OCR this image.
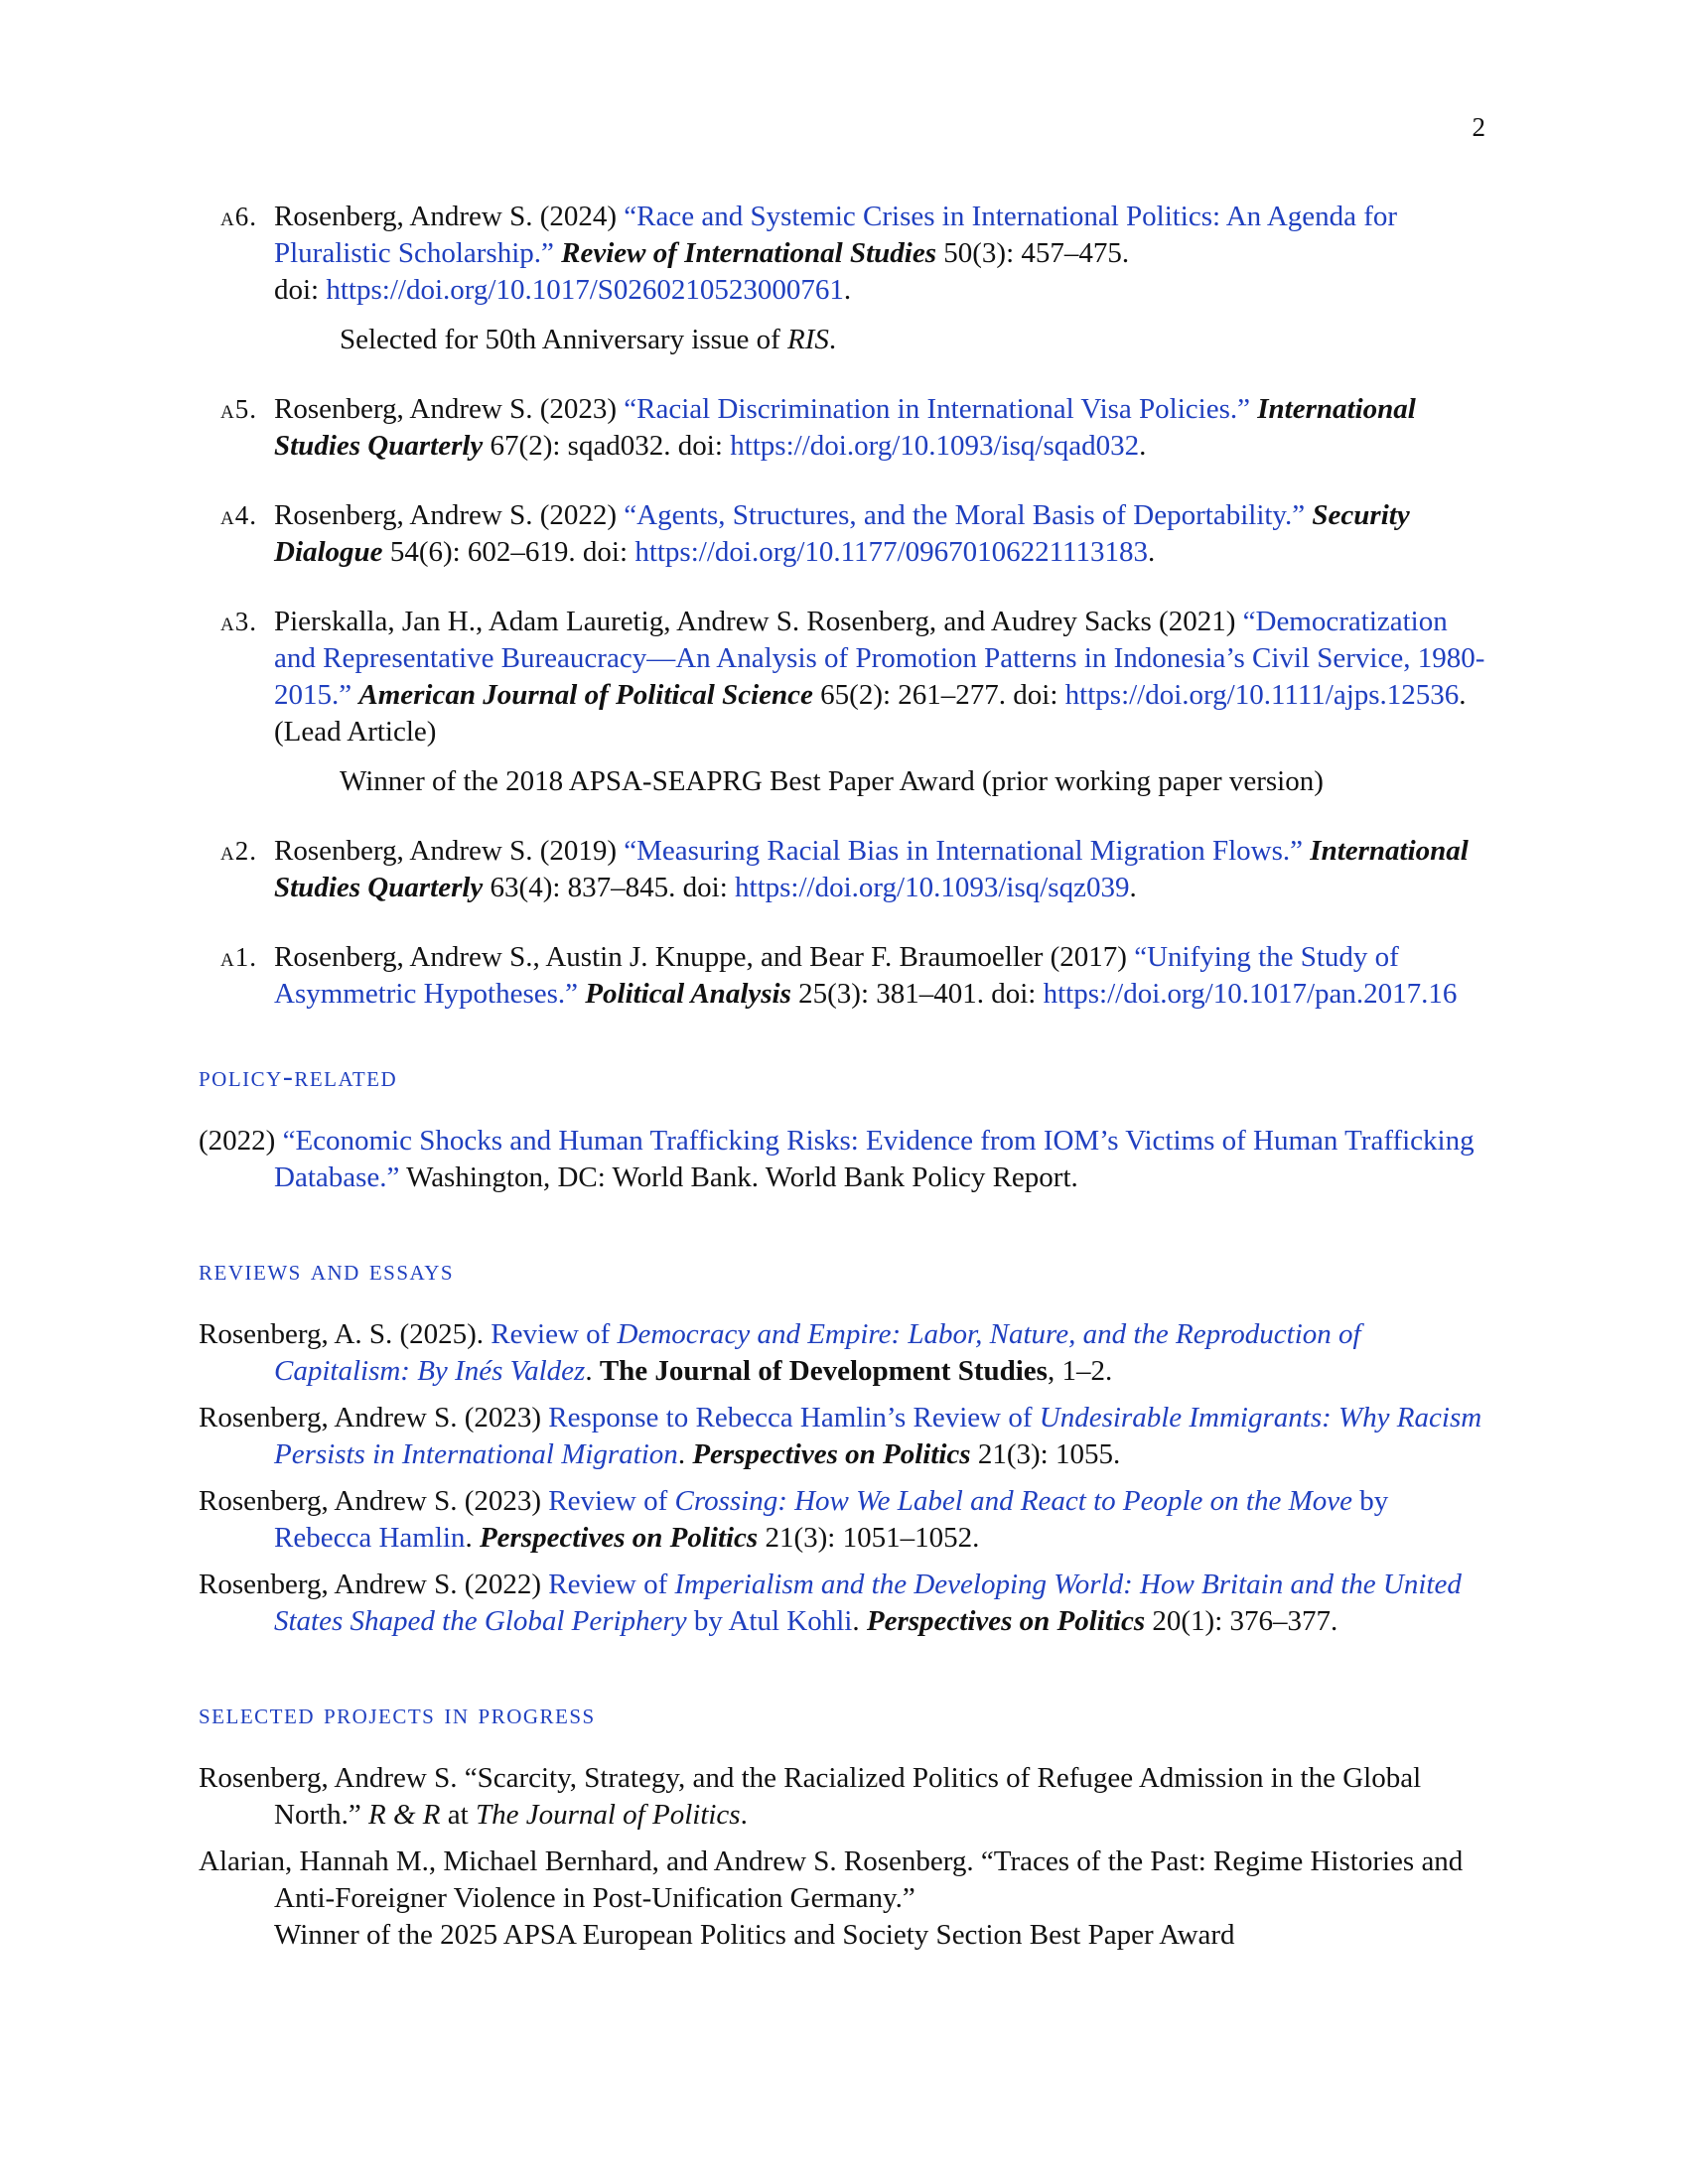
2
a6. Rosenberg, Andrew S. (2024) “Race and Systemic Crises in International Politics: An Agenda for Pluralistic Scholarship.” Review of International Studies 50(3): 457–475.
doi: https://doi.org/10.1017/S0260210523000761.
Selected for 50th Anniversary issue of RIS.
a5. Rosenberg, Andrew S. (2023) “Racial Discrimination in International Visa Policies.” International Studies Quarterly 67(2): sqad032. doi: https://doi.org/10.1093/isq/sqad032.
a4. Rosenberg, Andrew S. (2022) “Agents, Structures, and the Moral Basis of Deportability.” Security Dialogue 54(6): 602–619. doi: https://doi.org/10.1177/09670106221113183.
a3. Pierskalla, Jan H., Adam Lauretig, Andrew S. Rosenberg, and Audrey Sacks (2021) “Democratization and Representative Bureaucracy—An Analysis of Promotion Patterns in Indonesia’s Civil Service, 1980-2015.” American Journal of Political Science 65(2): 261–277. doi: https://doi.org/10.1111/ajps.12536. (Lead Article)
Winner of the 2018 APSA-SEAPRG Best Paper Award (prior working paper version)
a2. Rosenberg, Andrew S. (2019) “Measuring Racial Bias in International Migration Flows.” International Studies Quarterly 63(4): 837–845. doi: https://doi.org/10.1093/isq/sqz039.
a1. Rosenberg, Andrew S., Austin J. Knuppe, and Bear F. Braumoeller (2017) “Unifying the Study of Asymmetric Hypotheses.” Political Analysis 25(3): 381–401. doi: https://doi.org/10.1017/pan.2017.16
policy-related
(2022) “Economic Shocks and Human Trafficking Risks: Evidence from IOM’s Victims of Human Trafficking Database.” Washington, DC: World Bank. World Bank Policy Report.
reviews and essays
Rosenberg, A. S. (2025). Review of Democracy and Empire: Labor, Nature, and the Reproduction of Capitalism: By Inés Valdez. The Journal of Development Studies, 1–2.
Rosenberg, Andrew S. (2023) Response to Rebecca Hamlin’s Review of Undesirable Immigrants: Why Racism Persists in International Migration. Perspectives on Politics 21(3): 1055.
Rosenberg, Andrew S. (2023) Review of Crossing: How We Label and React to People on the Move by Rebecca Hamlin. Perspectives on Politics 21(3): 1051–1052.
Rosenberg, Andrew S. (2022) Review of Imperialism and the Developing World: How Britain and the United States Shaped the Global Periphery by Atul Kohli. Perspectives on Politics 20(1): 376–377.
selected projects in progress
Rosenberg, Andrew S. “Scarcity, Strategy, and the Racialized Politics of Refugee Admission in the Global North.” R & R at The Journal of Politics.
Alarian, Hannah M., Michael Bernhard, and Andrew S. Rosenberg. “Traces of the Past: Regime Histories and Anti-Foreigner Violence in Post-Unification Germany.”
Winner of the 2025 APSA European Politics and Society Section Best Paper Award
